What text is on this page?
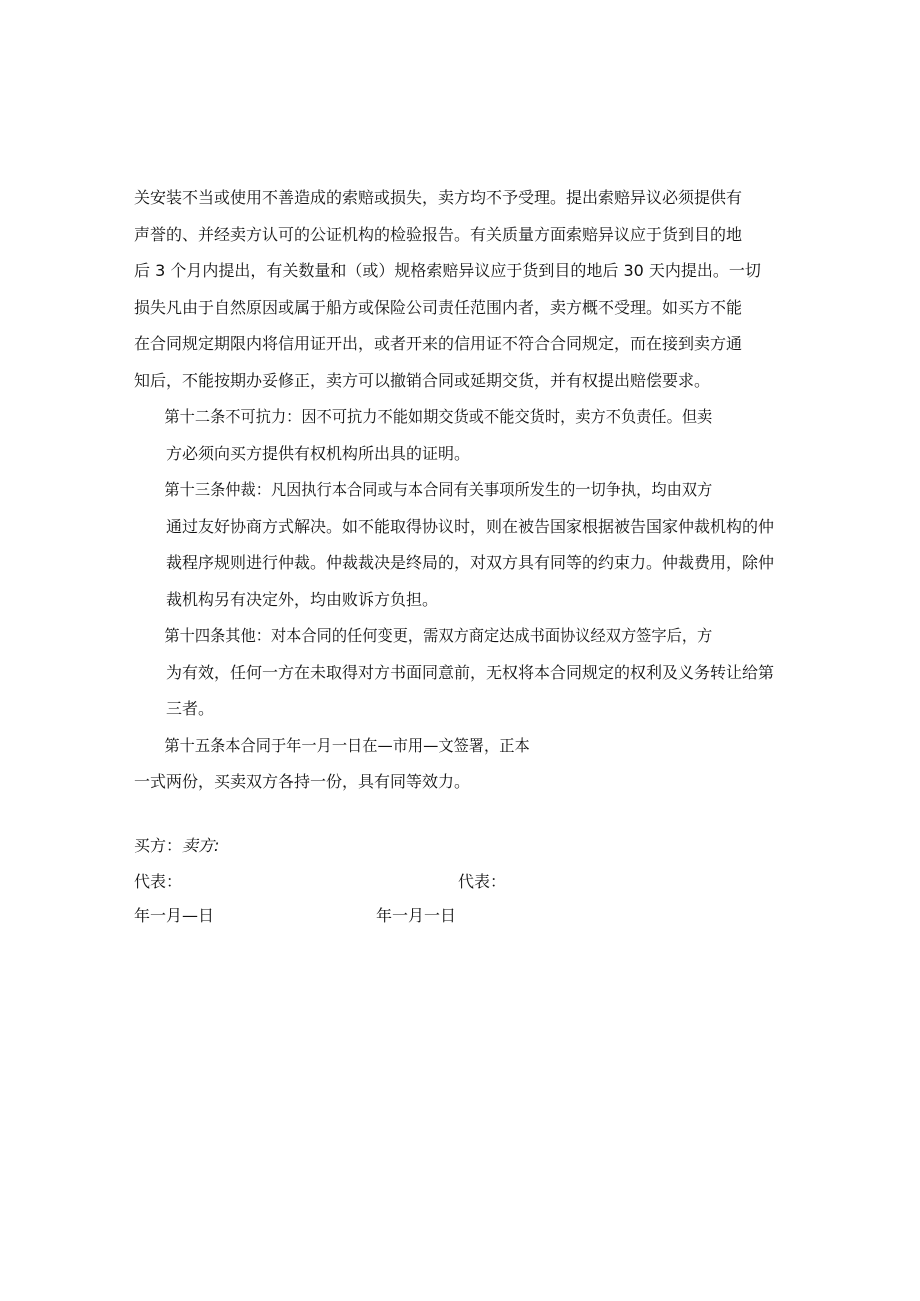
关安装不当或使用不善造成的索赔或损失，卖方均不予受理。提出索赔异议必须提供有
声誉的、并经卖方认可的公证机构的检验报告。有关质量方面索赔异议应于货到目的地
后 3 个月内提出，有关数量和（或）规格索赔异议应于货到目的地后 30 天内提出。一切
损失凡由于自然原因或属于船方或保险公司责任范围内者，卖方概不受理。如买方不能
在合同规定期限内将信用证开出，或者开来的信用证不符合合同规定，而在接到卖方通
知后，不能按期办妥修正，卖方可以撤销合同或延期交货，并有权提出赔偿要求。

第十二条不可抗力：因不可抗力不能如期交货或不能交货时，卖方不负责任。但卖
方必须向买方提供有权机构所出具的证明。

第十三条仲裁：凡因执行本合同或与本合同有关事项所发生的一切争执，均由双方
通过友好协商方式解决。如不能取得协议时，则在被告国家根据被告国家仲裁机构的仲
裁程序规则进行仲裁。仲裁裁决是终局的，对双方具有同等的约束力。仲裁费用，除仲
裁机构另有决定外，均由败诉方负担。

第十四条其他：对本合同的任何变更，需双方商定达成书面协议经双方签字后，方
为有效，任何一方在未取得对方书面同意前，无权将本合同规定的权利及义务转让给第
三者。

第十五条本合同于年一月一日在—市用—文签署，正本

一式两份，买卖双方各持一份，具有同等效力。

买方：卖方:
代表：	代表：
年一月—日	年一月一日
